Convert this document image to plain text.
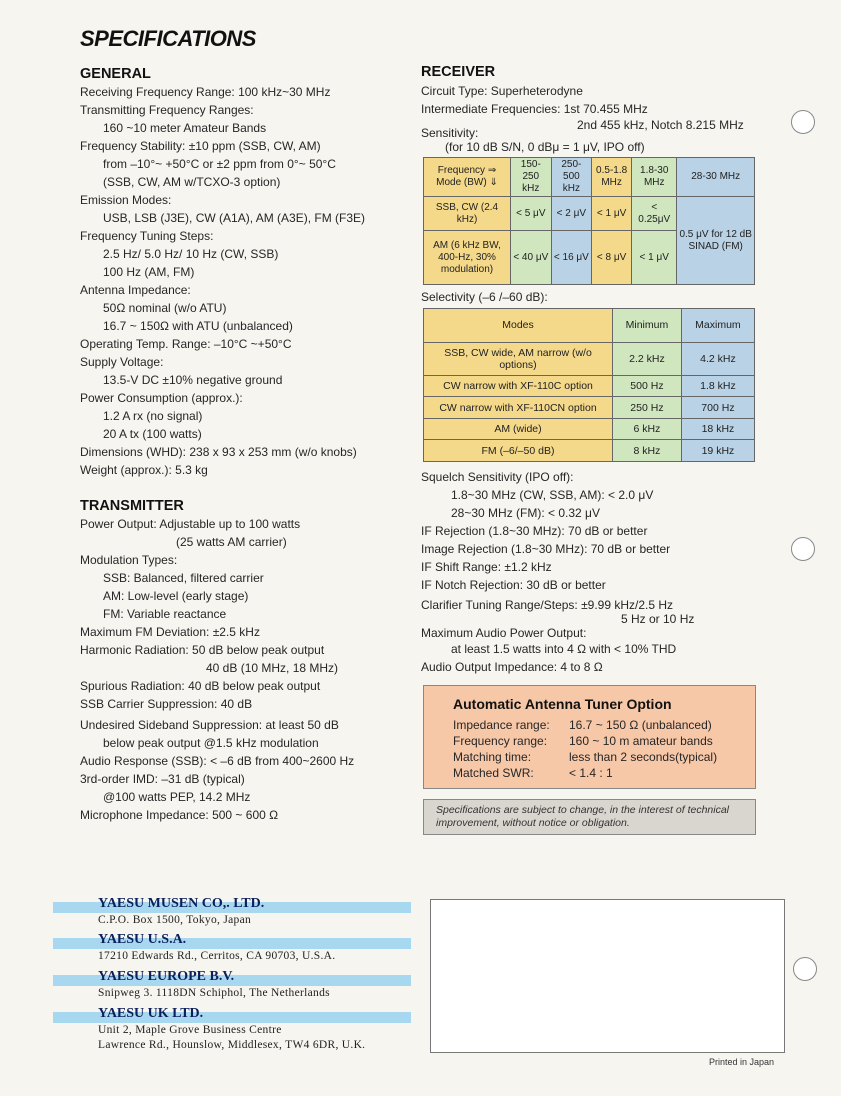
SPECIFICATIONS
GENERAL
Receiving Frequency Range: 100 kHz~30 MHz
Transmitting Frequency Ranges:
160 ~10 meter Amateur Bands
Frequency Stability: ±10 ppm (SSB, CW, AM)
from –10°~ +50°C or ±2 ppm from 0°~ 50°C
(SSB, CW, AM w/TCXO-3 option)
Emission Modes:
USB, LSB (J3E), CW (A1A), AM (A3E), FM (F3E)
Frequency Tuning Steps:
2.5 Hz/ 5.0 Hz/ 10 Hz (CW, SSB)
100 Hz (AM, FM)
Antenna Impedance:
50Ω nominal (w/o ATU)
16.7 ~ 150Ω with ATU (unbalanced)
Operating Temp. Range: –10°C ~+50°C
Supply Voltage:
13.5-V DC ±10% negative ground
Power Consumption (approx.):
1.2 A rx (no signal)
20 A tx (100 watts)
Dimensions (WHD): 238 x 93 x 253 mm (w/o knobs)
Weight (approx.): 5.3 kg
TRANSMITTER
Power Output: Adjustable up to 100 watts
(25 watts AM carrier)
Modulation Types:
SSB: Balanced, filtered carrier
AM: Low-level (early stage)
FM: Variable reactance
Maximum FM Deviation: ±2.5 kHz
Harmonic Radiation: 50 dB below peak output
40 dB (10 MHz, 18 MHz)
Spurious Radiation: 40 dB below peak output
SSB Carrier Suppression: 40 dB
Undesired Sideband Suppression: at least 50 dB
below peak output @1.5 kHz modulation
Audio Response (SSB): < –6 dB from 400~2600 Hz
3rd-order IMD: –31 dB (typical)
@100 watts PEP, 14.2 MHz
Microphone Impedance: 500 ~ 600 Ω
RECEIVER
Circuit Type: Superheterodyne
Intermediate Frequencies: 1st 70.455 MHz
2nd 455 kHz, Notch 8.215 MHz
Sensitivity:
(for 10 dB S/N, 0 dBμ = 1 μV, IPO off)
Frequency ⇒ Mode (BW) ⇓	150-250 kHz	250-500 kHz	0.5-1.8 MHz	1.8-30 MHz	28-30 MHz
SSB, CW (2.4 kHz)	< 5 μV	< 2 μV	< 1 μV	< 0.25μV	0.5 μV for 12 dB SINAD (FM)
AM (6 kHz BW, 400-Hz, 30% modulation)	< 40 μV	< 16 μV	< 8 μV	< 1 μV	
Selectivity (–6 /–60 dB):
Modes	Minimum	Maximum
SSB, CW wide, AM narrow (w/o options)	2.2 kHz	4.2 kHz
CW narrow with XF-110C option	500 Hz	1.8 kHz
CW narrow with XF-110CN option	250 Hz	700 Hz
AM (wide)	6 kHz	18 kHz
FM (–6/–50 dB)	8 kHz	19 kHz
Squelch Sensitivity (IPO off):
1.8~30 MHz (CW, SSB, AM): < 2.0 μV
28~30 MHz (FM): < 0.32 μV
IF Rejection (1.8~30 MHz): 70 dB or better
Image Rejection (1.8~30 MHz): 70 dB or better
IF Shift Range: ±1.2 kHz
IF Notch Rejection: 30 dB or better
Clarifier Tuning Range/Steps: ±9.99 kHz/2.5 Hz
5 Hz or 10 Hz
Maximum Audio Power Output:
at least 1.5 watts into 4 Ω with < 10% THD
Audio Output Impedance: 4 to 8 Ω
Automatic Antenna Tuner Option
Impedance range: 16.7 ~ 150 Ω (unbalanced)
Frequency range: 160 ~ 10 m amateur bands
Matching time:	less than 2 seconds(typical)
Matched SWR:	< 1.4 : 1
Specifications are subject to change, in the interest of technical improvement, without notice or obligation.
YAESU MUSEN CO,. LTD.
C.P.O. Box 1500, Tokyo, Japan
YAESU U.S.A.
17210 Edwards Rd., Cerritos, CA 90703, U.S.A.
YAESU EUROPE B.V.
Snipweg 3. 1118DN Schiphol, The Netherlands
YAESU UK LTD.
Unit 2, Maple Grove Business Centre
Lawrence Rd., Hounslow, Middlesex, TW4 6DR, U.K.
Printed in Japan
